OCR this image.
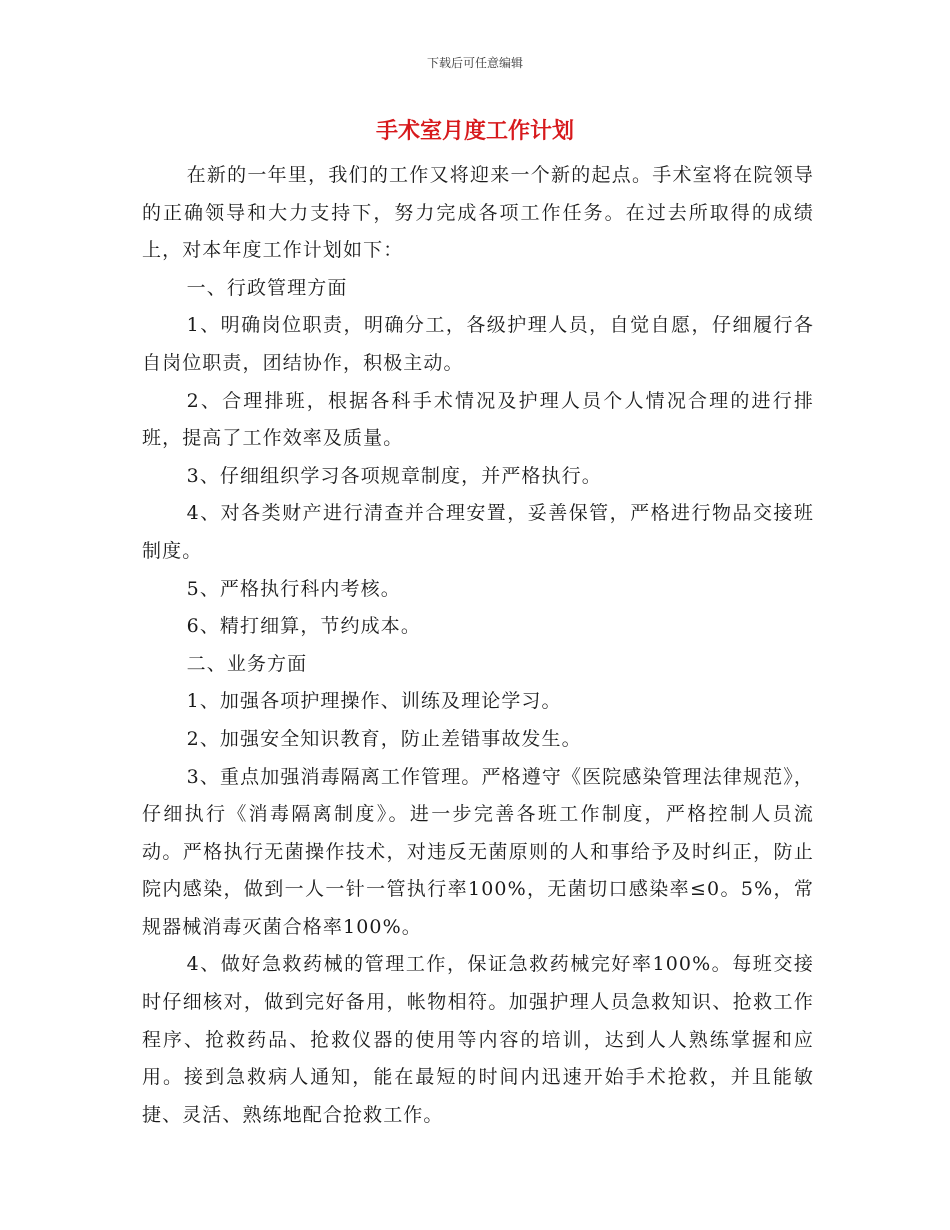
下载后可任意编辑
手术室月度工作计划

在新的一年里，我们的工作又将迎来一个新的起点。手术室将在院领导的正确领导和大力支持下，努力完成各项工作任务。在过去所取得的成绩上，对本年度工作计划如下：

一、行政管理方面

1、明确岗位职责，明确分工，各级护理人员，自觉自愿，仔细履行各自岗位职责，团结协作，积极主动。

2、合理排班，根据各科手术情况及护理人员个人情况合理的进行排班，提高了工作效率及质量。

3、仔细组织学习各项规章制度，并严格执行。

4、对各类财产进行清查并合理安置，妥善保管，严格进行物品交接班制度。

5、严格执行科内考核。

6、精打细算，节约成本。

二、业务方面

1、加强各项护理操作、训练及理论学习。

2、加强安全知识教育，防止差错事故发生。

3、重点加强消毒隔离工作管理。严格遵守《医院感染管理法律规范》，仔细执行《消毒隔离制度》。进一步完善各班工作制度，严格控制人员流动。严格执行无菌操作技术，对违反无菌原则的人和事给予及时纠正，防止院内感染，做到一人一针一管执行率100%，无菌切口感染率≤0。5%，常规器械消毒灭菌合格率100%。

4、做好急救药械的管理工作，保证急救药械完好率100%。每班交接时仔细核对，做到完好备用，帐物相符。加强护理人员急救知识、抢救工作程序、抢救药品、抢救仪器的使用等内容的培训，达到人人熟练掌握和应用。接到急救病人通知，能在最短的时间内迅速开始手术抢救，并且能敏捷、灵活、熟练地配合抢救工作。
